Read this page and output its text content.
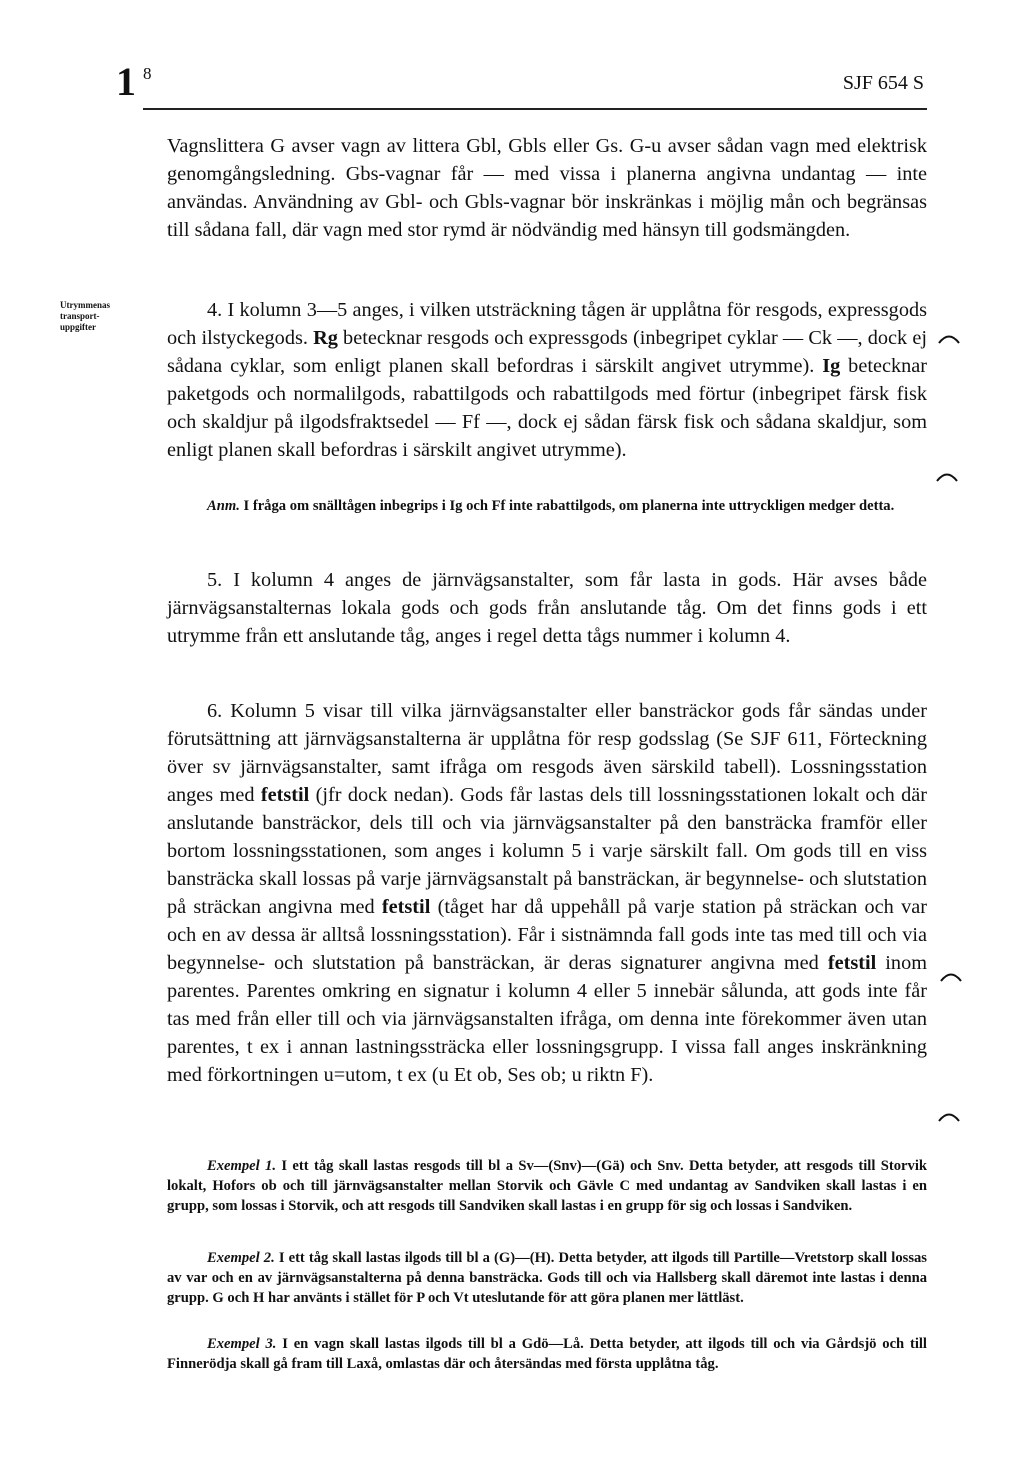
1 8	SJF 654 S
Utrymmenas
transport-
uppgifter

Vagnslittera G avser vagn av littera Gbl, Gbls eller Gs. G-u avser sådan vagn med elektrisk genomgångsledning. Gbs-vagnar får — med vissa i planerna angivna undantag — inte användas. Användning av Gbl- och Gbls-vagnar bör inskränkas i möjlig mån och begränsas till sådana fall, där vagn med stor rymd är nödvändig med hänsyn till godsmängden.

4. I kolumn 3—5 anges, i vilken utsträckning tågen är upplåtna för resgods, expressgods och ilstyckegods. Rg betecknar resgods och expressgods (inbegripet cyklar — Ck —, dock ej sådana cyklar, som enligt planen skall befordras i särskilt angivet utrymme). Ig betecknar paketgods och normalilgods, rabattilgods och rabattilgods med förtur (inbegripet färsk fisk och skaldjur på ilgodsfraktsedel — Ff —, dock ej sådan färsk fisk och sådana skaldjur, som enligt planen skall befordras i särskilt angivet utrymme).

Anm. I fråga om snälltågen inbegrips i Ig och Ff inte rabattilgods, om planerna inte uttryckligen medger detta.

5. I kolumn 4 anges de järnvägsanstalter, som får lasta in gods. Här avses både järnvägsanstalternas lokala gods och gods från anslutande tåg. Om det finns gods i ett utrymme från ett anslutande tåg, anges i regel detta tågs nummer i kolumn 4.

6. Kolumn 5 visar till vilka järnvägsanstalter eller bansträckor gods får sändas under förutsättning att järnvägsanstalterna är upplåtna för resp godsslag (Se SJF 611, Förteckning över sv järnvägsanstalter, samt ifråga om resgods även särskild tabell). Lossningsstation anges med fetstil (jfr dock nedan). Gods får lastas dels till lossningsstationen lokalt och där anslutande bansträckor, dels till och via järnvägsanstalter på den bansträcka framför eller bortom lossningsstationen, som anges i kolumn 5 i varje särskilt fall. Om gods till en viss bansträcka skall lossas på varje järnvägsanstalt på bansträckan, är begynnelse- och slutstation på sträckan angivna med fetstil (tåget har då uppehåll på varje station på sträckan och var och en av dessa är alltså lossningsstation). Får i sistnämnda fall gods inte tas med till och via begynnelse- och slutstation på bansträckan, är deras signaturer angivna med fetstil inom parentes. Parentes omkring en signatur i kolumn 4 eller 5 innebär sålunda, att gods inte får tas med från eller till och via järnvägsanstalten ifråga, om denna inte förekommer även utan parentes, t ex i annan lastningssträcka eller lossningsgrupp. I vissa fall anges inskränkning med förkortningen u=utom, t ex (u Et ob, Ses ob; u riktn F).

Exempel 1. I ett tåg skall lastas resgods till bl a Sv—(Snv)—(Gä) och Snv. Detta betyder, att resgods till Storvik lokalt, Hofors ob och till järnvägsanstalter mellan Storvik och Gävle C med undantag av Sandviken skall lastas i en grupp, som lossas i Storvik, och att resgods till Sandviken skall lastas i en grupp för sig och lossas i Sandviken.

Exempel 2. I ett tåg skall lastas ilgods till bl a (G)—(H). Detta betyder, att ilgods till Partille—Vretstorp skall lossas av var och en av järnvägsanstalterna på denna bansträcka. Gods till och via Hallsberg skall däremot inte lastas i denna grupp. G och H har använts i stället för P och Vt uteslutande för att göra planen mer lättläst.

Exempel 3. I en vagn skall lastas ilgods till bl a Gdö—Lå. Detta betyder, att ilgods till och via Gårdsjö och till Finnerödja skall gå fram till Laxå, omlastas där och återsändas med första upplåtna tåg.
